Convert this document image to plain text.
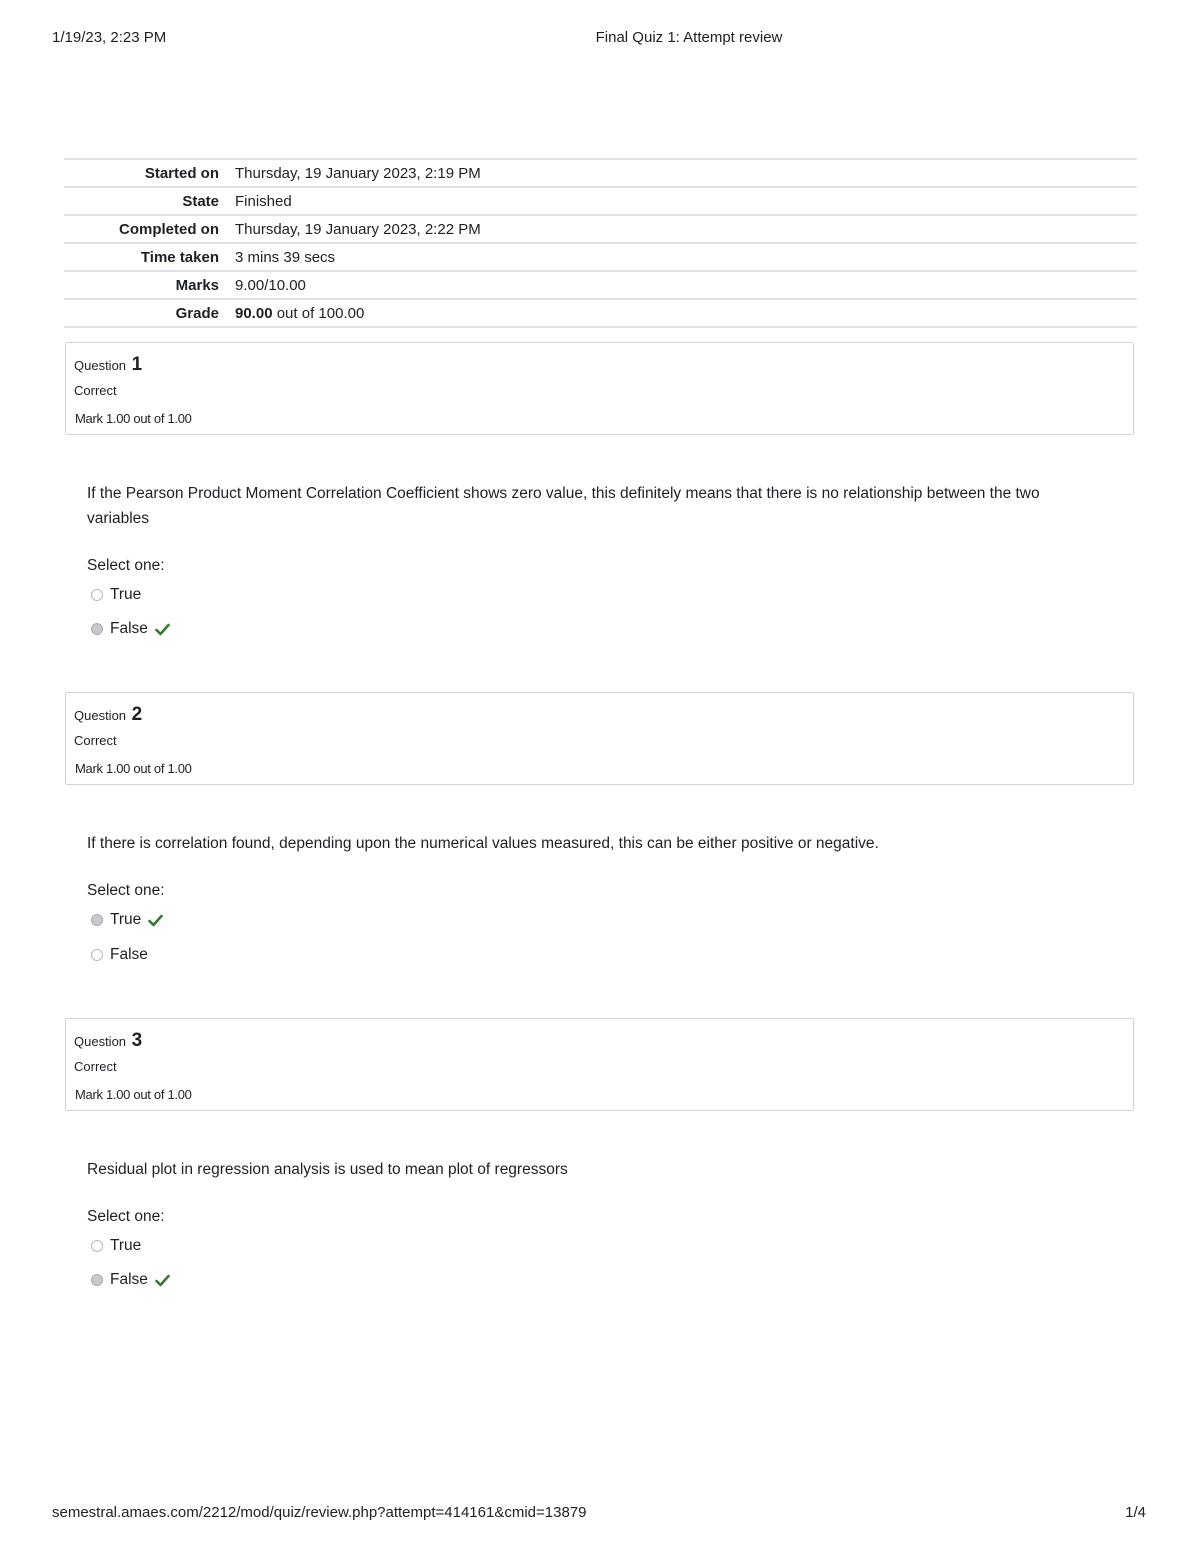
1/19/23, 2:23 PM	Final Quiz 1: Attempt review
Started on	Thursday, 19 January 2023, 2:19 PM
State	Finished
Completed on	Thursday, 19 January 2023, 2:22 PM
Time taken	3 mins 39 secs
Marks	9.00/10.00
Grade	90.00 out of 100.00
Question 1
Correct
Mark 1.00 out of 1.00
If the Pearson Product Moment Correlation Coefficient shows zero value, this definitely means that there is no relationship between the two variables
Select one:
True
False
Question 2
Correct
Mark 1.00 out of 1.00
If there is correlation found, depending upon the numerical values measured, this can be either positive or negative.
Select one:
True
False
Question 3
Correct
Mark 1.00 out of 1.00
Residual plot in regression analysis is used to mean plot of regressors
Select one:
True
False
semestral.amaes.com/2212/mod/quiz/review.php?attempt=414161&cmid=13879	1/4
